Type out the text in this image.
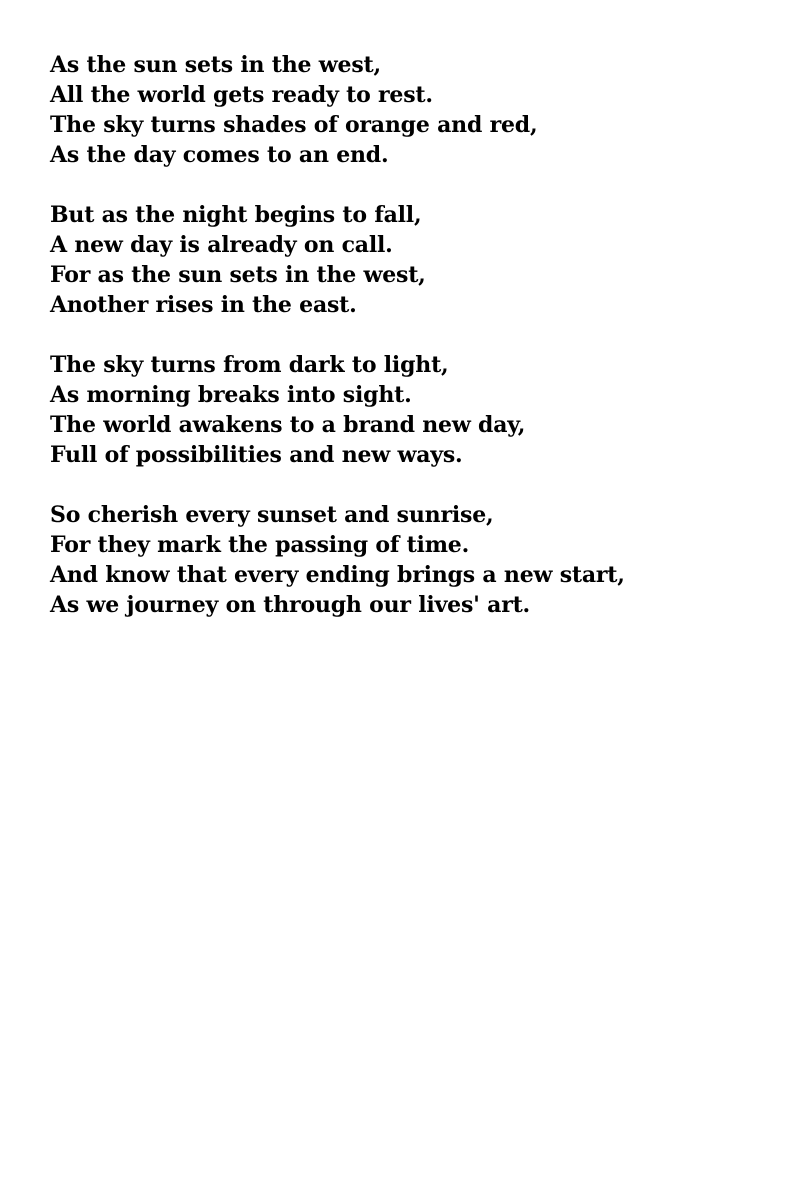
As the sun sets in the west,
All the world gets ready to rest.
The sky turns shades of orange and red,
As the day comes to an end.
But as the night begins to fall,
A new day is already on call.
For as the sun sets in the west,
Another rises in the east.
The sky turns from dark to light,
As morning breaks into sight.
The world awakens to a brand new day,
Full of possibilities and new ways.
So cherish every sunset and sunrise,
For they mark the passing of time.
And know that every ending brings a new start,
As we journey on through our lives' art.
